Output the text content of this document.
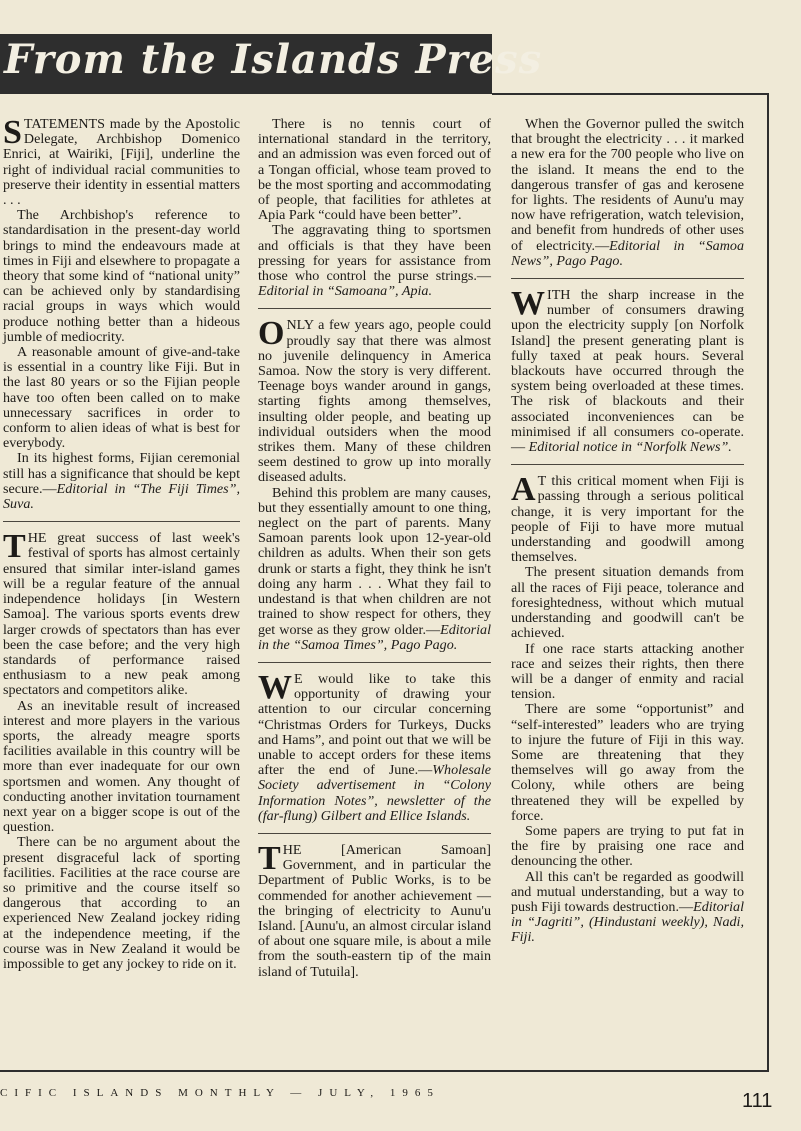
From the Islands Press
S TATEMENTS made by the Apostolic Delegate, Archbishop Domenico Enrici, at Wairiki, [Fiji], underline the right of individual racial communities to preserve their identity in essential matters . . .

The Archbishop's reference to standardisation in the present-day world brings to mind the endeavours made at times in Fiji and elsewhere to propagate a theory that some kind of “national unity” can be achieved only by standardising racial groups in ways which would produce nothing better than a hideous jumble of mediocrity.

A reasonable amount of give-and-take is essential in a country like Fiji. But in the last 80 years or so the Fijian people have too often been called on to make unnecessary sacrifices in order to conform to alien ideas of what is best for everybody.

In its highest forms, Fijian ceremonial still has a significance that should be kept secure.—Editorial in “The Fiji Times”, Suva.

T HE great success of last week's festival of sports has almost certainly ensured that similar inter-island games will be a regular feature of the annual independence holidays [in Western Samoa]. The various sports events drew larger crowds of spectators than has ever been the case before; and the very high standards of performance raised enthusiasm to a new peak among spectators and competitors alike.

As an inevitable result of increased interest and more players in the various sports, the already meagre sports facilities available in this country will be more than ever inadequate for our own sportsmen and women. Any thought of conducting another invitation tournament next year on a bigger scope is out of the question.

There can be no argument about the present disgraceful lack of sporting facilities. Facilities at the race course are so primitive and the course itself so dangerous that according to an experienced New Zealand jockey riding at the independence meeting, if the course was in New Zealand it would be impossible to get any jockey to ride on it.

There is no tennis court of international standard in the territory, and an admission was even forced out of a Tongan official, whose team proved to be the most sporting and accommodating of people, that facilities for athletes at Apia Park “could have been better”.

The aggravating thing to sportsmen and officials is that they have been pressing for years for assistance from those who control the purse strings.—Editorial in “Samoana”, Apia.

O NLY a few years ago, people could proudly say that there was almost no juvenile delinquency in America Samoa. Now the story is very different. Teenage boys wander around in gangs, starting fights among themselves, insulting older people, and beating up individual outsiders when the mood strikes them. Many of these children seem destined to grow up into morally diseased adults.

Behind this problem are many causes, but they essentially amount to one thing, neglect on the part of parents. Many Samoan parents look upon 12-year-old children as adults. When their son gets drunk or starts a fight, they think he isn't doing any harm . . . What they fail to undestand is that when children are not trained to show respect for others, they get worse as they grow older.—Editorial in the “Samoa Times”, Pago Pago.

W E would like to take this opportunity of drawing your attention to our circular concerning “Christmas Orders for Turkeys, Ducks and Hams”, and point out that we will be unable to accept orders for these items after the end of June.—Wholesale Society advertisement in “Colony Information Notes”, newsletter of the (far-flung) Gilbert and Ellice Islands.

T HE [American Samoan] Government, and in particular the Department of Public Works, is to be commended for another achievement — the bringing of electricity to Aunu'u Island. [Aunu'u, an almost circular island of about one square mile, is about a mile from the south-eastern tip of the main island of Tutuila].

When the Governor pulled the switch that brought the electricity . . . it marked a new era for the 700 people who live on the island. It means the end to the dangerous transfer of gas and kerosene for lights. The residents of Aunu'u may now have refrigeration, watch television, and benefit from hundreds of other uses of electricity.—Editorial in “Samoa News”, Pago Pago.

W ITH the sharp increase in the number of consumers drawing upon the electricity supply [on Norfolk Island] the present generating plant is fully taxed at peak hours. Several blackouts have occurred through the system being overloaded at these times. The risk of blackouts and their associated inconveniences can be minimised if all consumers co-operate. — Editorial notice in “Norfolk News”.

A T this critical moment when Fiji is passing through a serious political change, it is very important for the people of Fiji to have more mutual understanding and goodwill among themselves.

The present situation demands from all the races of Fiji peace, tolerance and foresightedness, without which mutual understanding and goodwill can't be achieved.

If one race starts attacking another race and seizes their rights, then there will be a danger of enmity and racial tension.

There are some “opportunist” and “self-interested” leaders who are trying to injure the future of Fiji in this way. Some are threatening that they themselves will go away from the Colony, while others are being threatened they will be expelled by force.

Some papers are trying to put fat in the fire by praising one race and denouncing the other.

All this can't be regarded as goodwill and mutual understanding, but a way to push Fiji towards destruction.—Editorial in “Jagriti”, (Hindustani weekly), Nadi, Fiji.

CIFIC ISLANDS MONTHLY — JULY, 1965	111
